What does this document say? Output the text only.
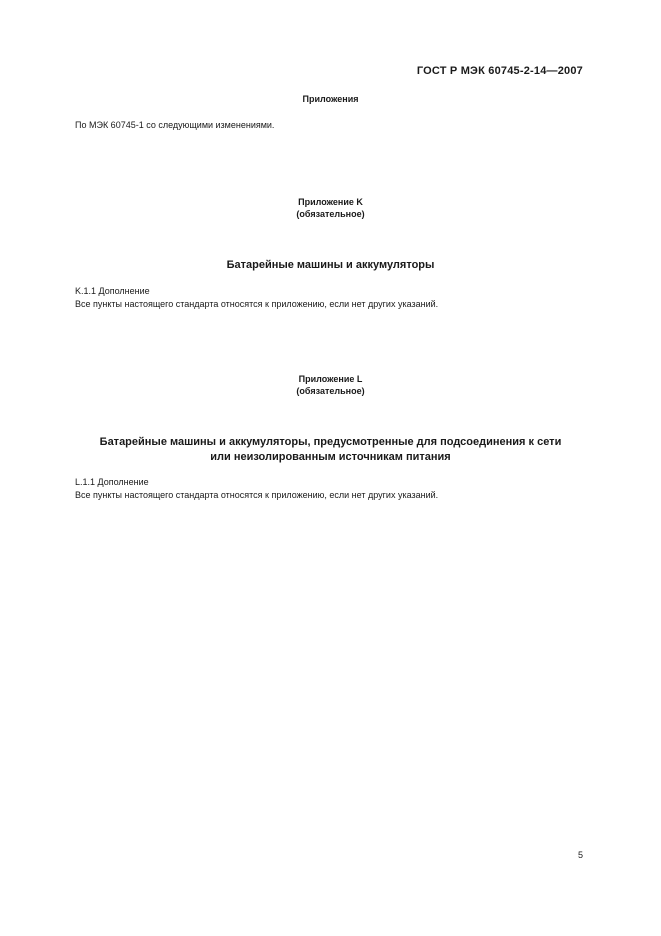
ГОСТ Р МЭК 60745-2-14—2007
Приложения
По МЭК 60745-1 со следующими изменениями.
Приложение K
(обязательное)
Батарейные машины и аккумуляторы
K.1.1 Дополнение
Все пункты настоящего стандарта относятся к приложению, если нет других указаний.
Приложение L
(обязательное)
Батарейные машины и аккумуляторы, предусмотренные для подсоединения к сети
или неизолированным источникам питания
L.1.1 Дополнение
Все пункты настоящего стандарта относятся к приложению, если нет других указаний.
5
